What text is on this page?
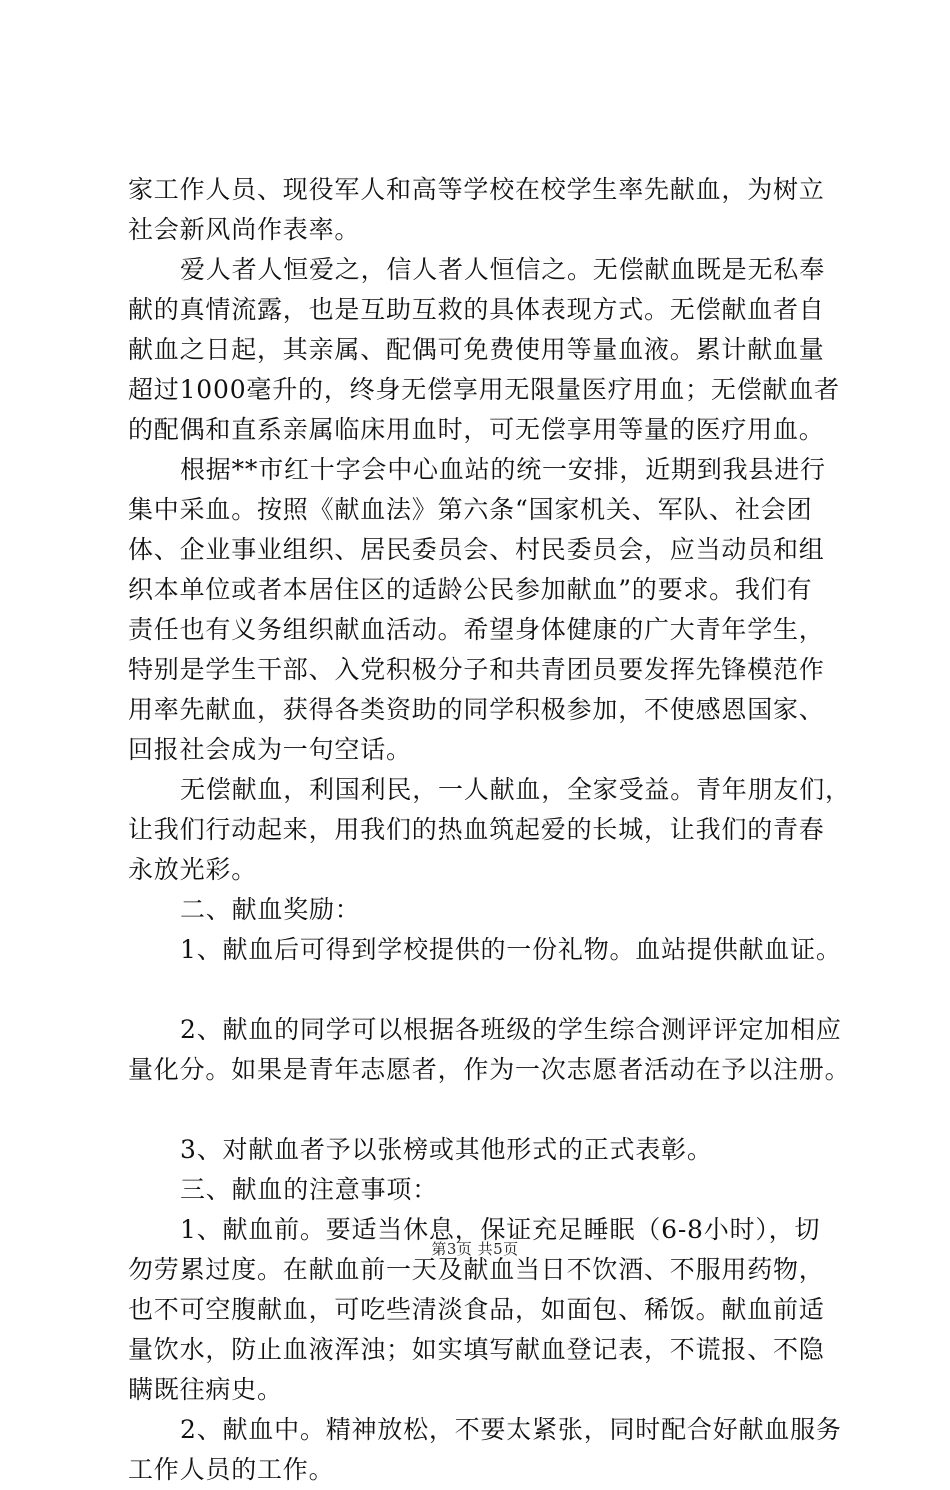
家工作人员、现役军人和高等学校在校学生率先献血，为树立
社会新风尚作表率。
爱人者人恒爱之，信人者人恒信之。无偿献血既是无私奉
献的真情流露，也是互助互救的具体表现方式。无偿献血者自
献血之日起，其亲属、配偶可免费使用等量血液。累计献血量
超过1000毫升的，终身无偿享用无限量医疗用血；无偿献血者
的配偶和直系亲属临床用血时，可无偿享用等量的医疗用血。
根据**市红十字会中心血站的统一安排，近期到我县进行
集中采血。按照《献血法》第六条“国家机关、军队、社会团
体、企业事业组织、居民委员会、村民委员会，应当动员和组
织本单位或者本居住区的适龄公民参加献血”的要求。我们有
责任也有义务组织献血活动。希望身体健康的广大青年学生，
特别是学生干部、入党积极分子和共青团员要发挥先锋模范作
用率先献血，获得各类资助的同学积极参加，不使感恩国家、
回报社会成为一句空话。
无偿献血，利国利民，一人献血，全家受益。青年朋友们，
让我们行动起来，用我们的热血筑起爱的长城，让我们的青春
永放光彩。
二、献血奖励：
1、献血后可得到学校提供的一份礼物。血站提供献血证。
2、献血的同学可以根据各班级的学生综合测评评定加相应
量化分。如果是青年志愿者，作为一次志愿者活动在予以注册。
3、对献血者予以张榜或其他形式的正式表彰。
三、献血的注意事项：
1、献血前。要适当休息，保证充足睡眠（6-8小时），切
勿劳累过度。在献血前一天及献血当日不饮酒、不服用药物，
也不可空腹献血，可吃些清淡食品，如面包、稀饭。献血前适
量饮水，防止血液浑浊；如实填写献血登记表，不谎报、不隐
瞒既往病史。
2、献血中。精神放松，不要太紧张，同时配合好献血服务
工作人员的工作。
第3页 共5页
